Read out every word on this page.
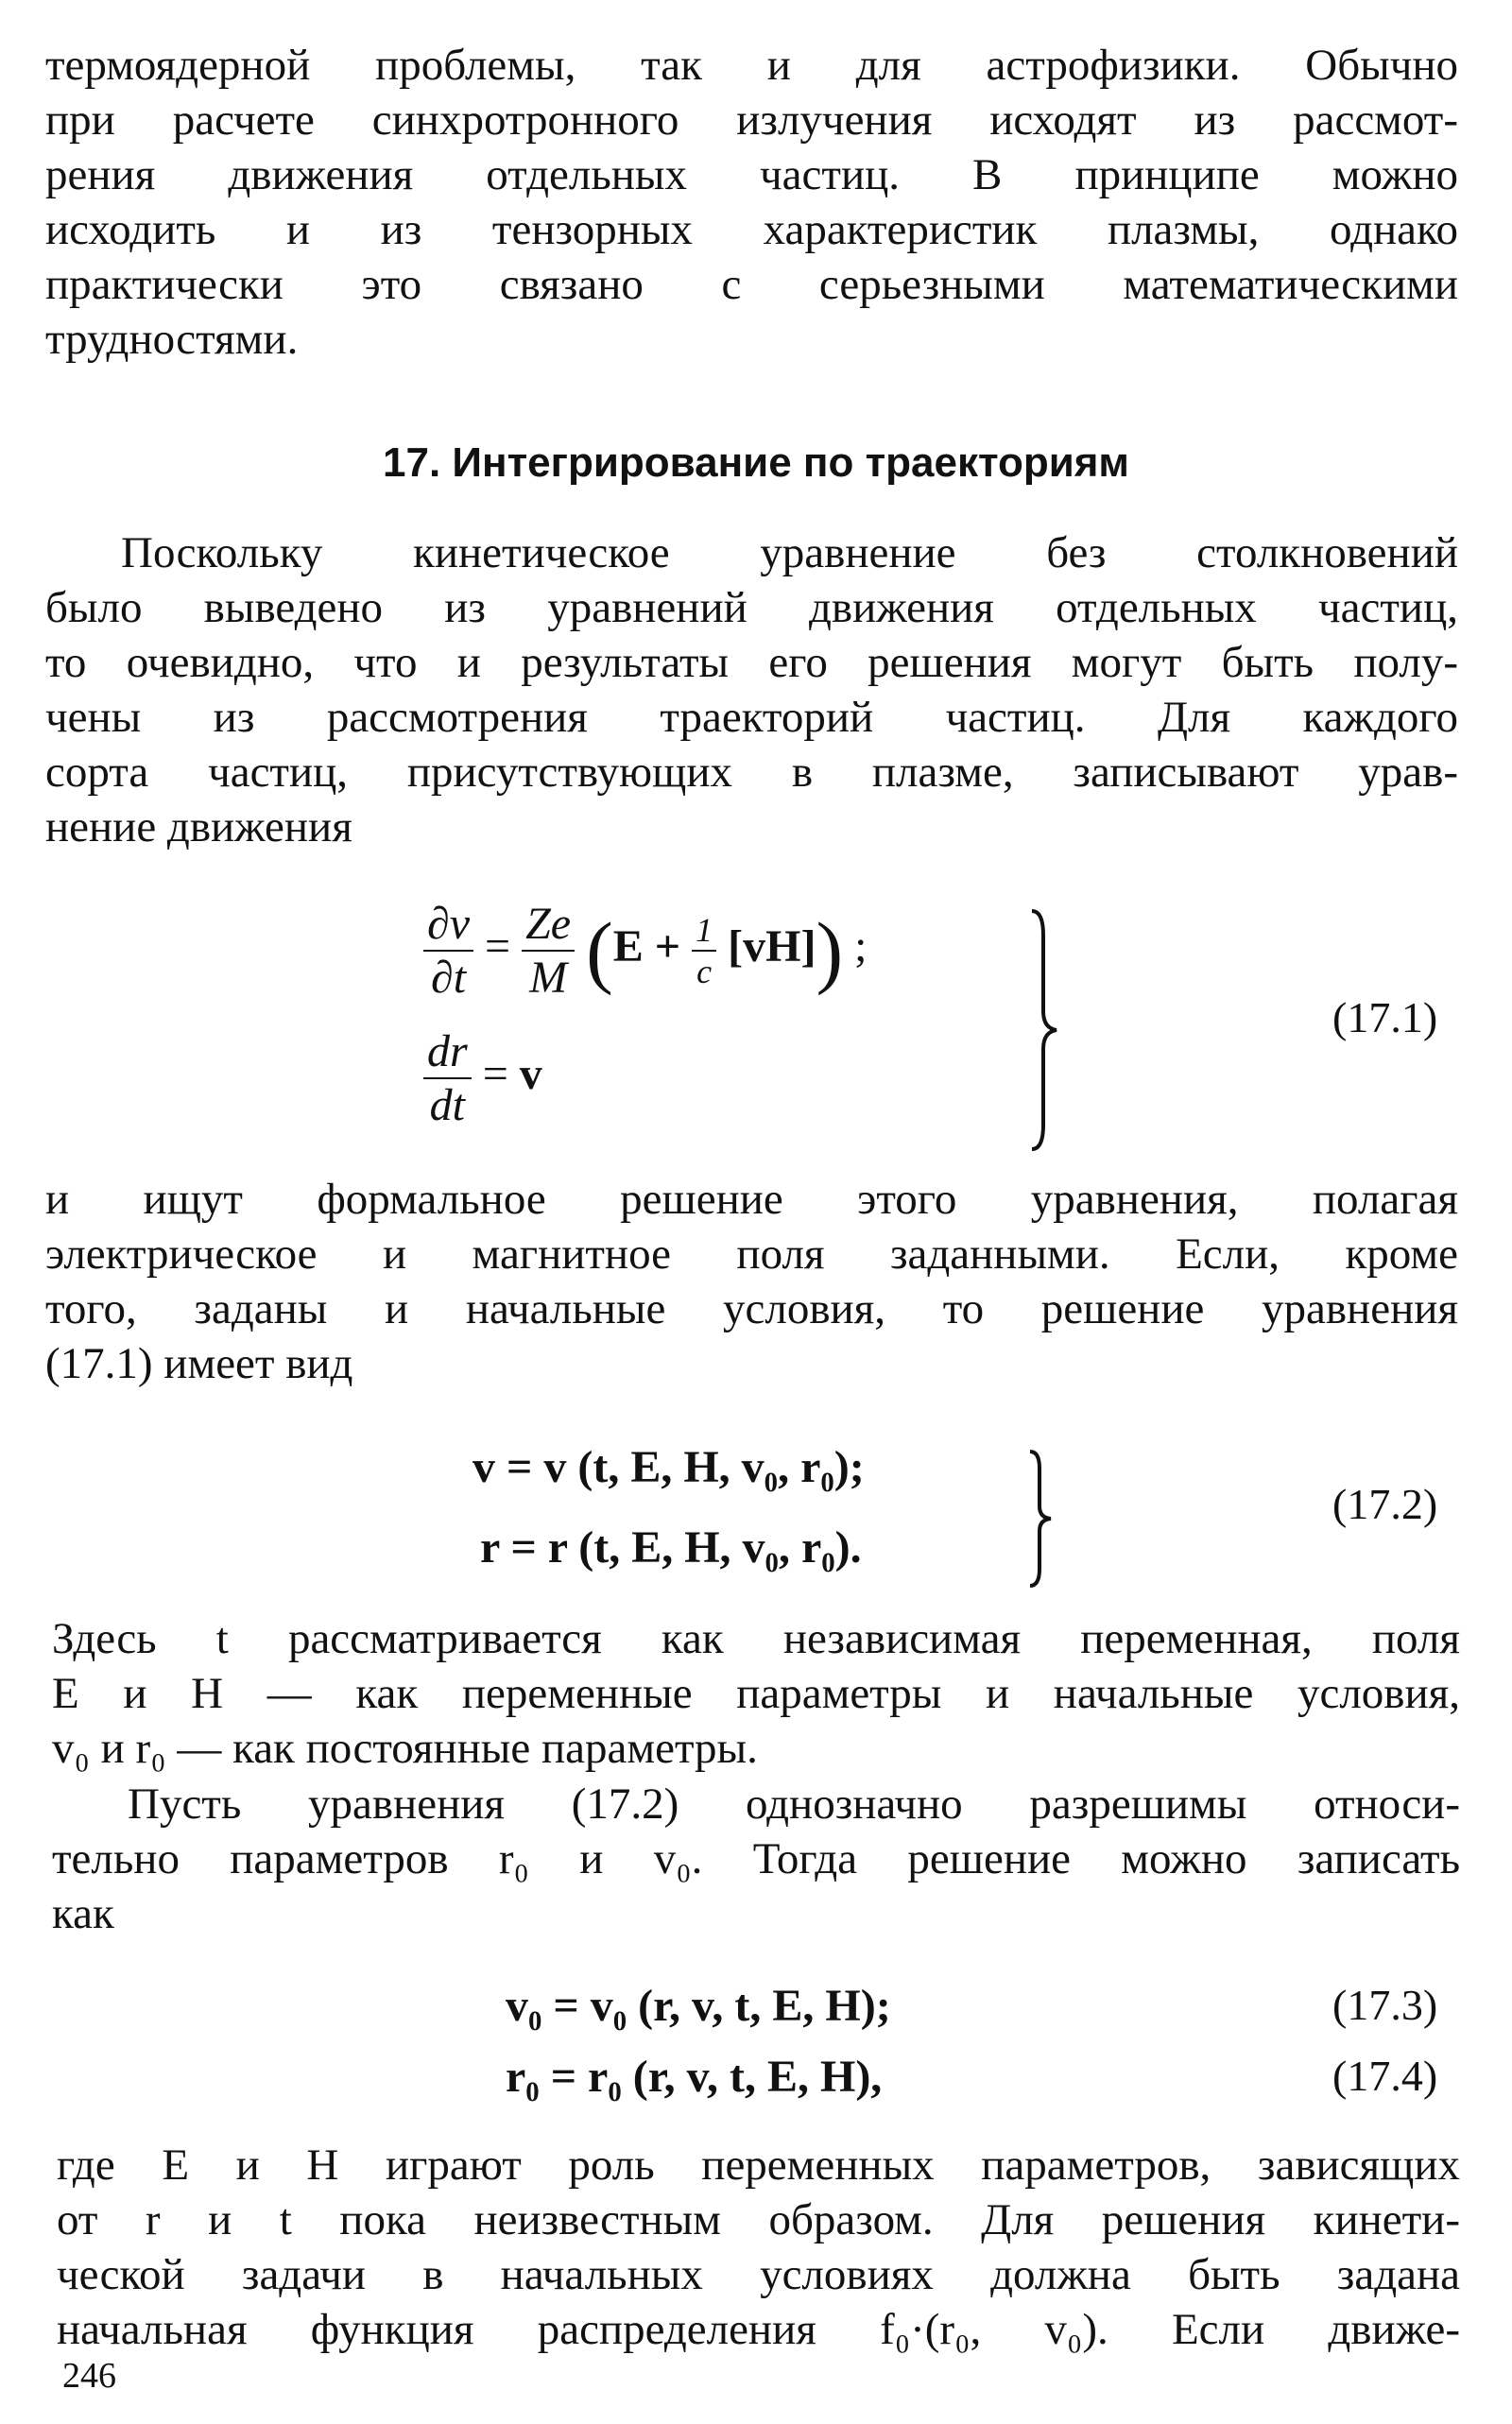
термоядерной проблемы, так и для астрофизики. Обычно
при расчете синхротронного излучения исходят из рассмот-
рения движения отдельных частиц. В принципе можно
исходить и из тензорных характеристик плазмы, однако
практически это связано с серьезными математическими
трудностями.
17. Интегрирование по траекториям
Поскольку кинетическое уравнение без столкновений
было выведено из уравнений движения отдельных частиц,
то очевидно, что и результаты его решения могут быть полу-
чены из рассмотрения траекторий частиц. Для каждого
сорта частиц, присутствующих в плазме, записывают урав-
нение движения
$\frac{\partial v}{\partial t} = \frac{Ze}{M} (E + \frac{1}{c} [vH])$ ;
$\frac{dr}{dt} = v$
(17.1)
и ищут формальное решение этого уравнения, полагая
электрическое и магнитное поля заданными. Если, кроме
того, заданы и начальные условия, то решение уравнения
(17.1) имеет вид
v = v (t, E, H, v₀, r₀);
r = r (t, E, H, v₀, r₀).
(17.2)
Здесь t рассматривается как независимая переменная, поля
E и H — как переменные параметры и начальные условия,
v₀ и r₀ — как постоянные параметры.
Пусть уравнения (17.2) однозначно разрешимы относи-
тельно параметров r₀ и v₀. Тогда решение можно записать
как
v₀ = v₀ (r, v, t, E, H);	(17.3)
r₀ = r₀ (r, v, t, E, H),	(17.4)
где E и H играют роль переменных параметров, зависящих
от r и t пока неизвестным образом. Для решения кинети-
ческой задачи в начальных условиях должна быть задана
начальная функция распределения f₀·(r₀, v₀). Если движе-
246
